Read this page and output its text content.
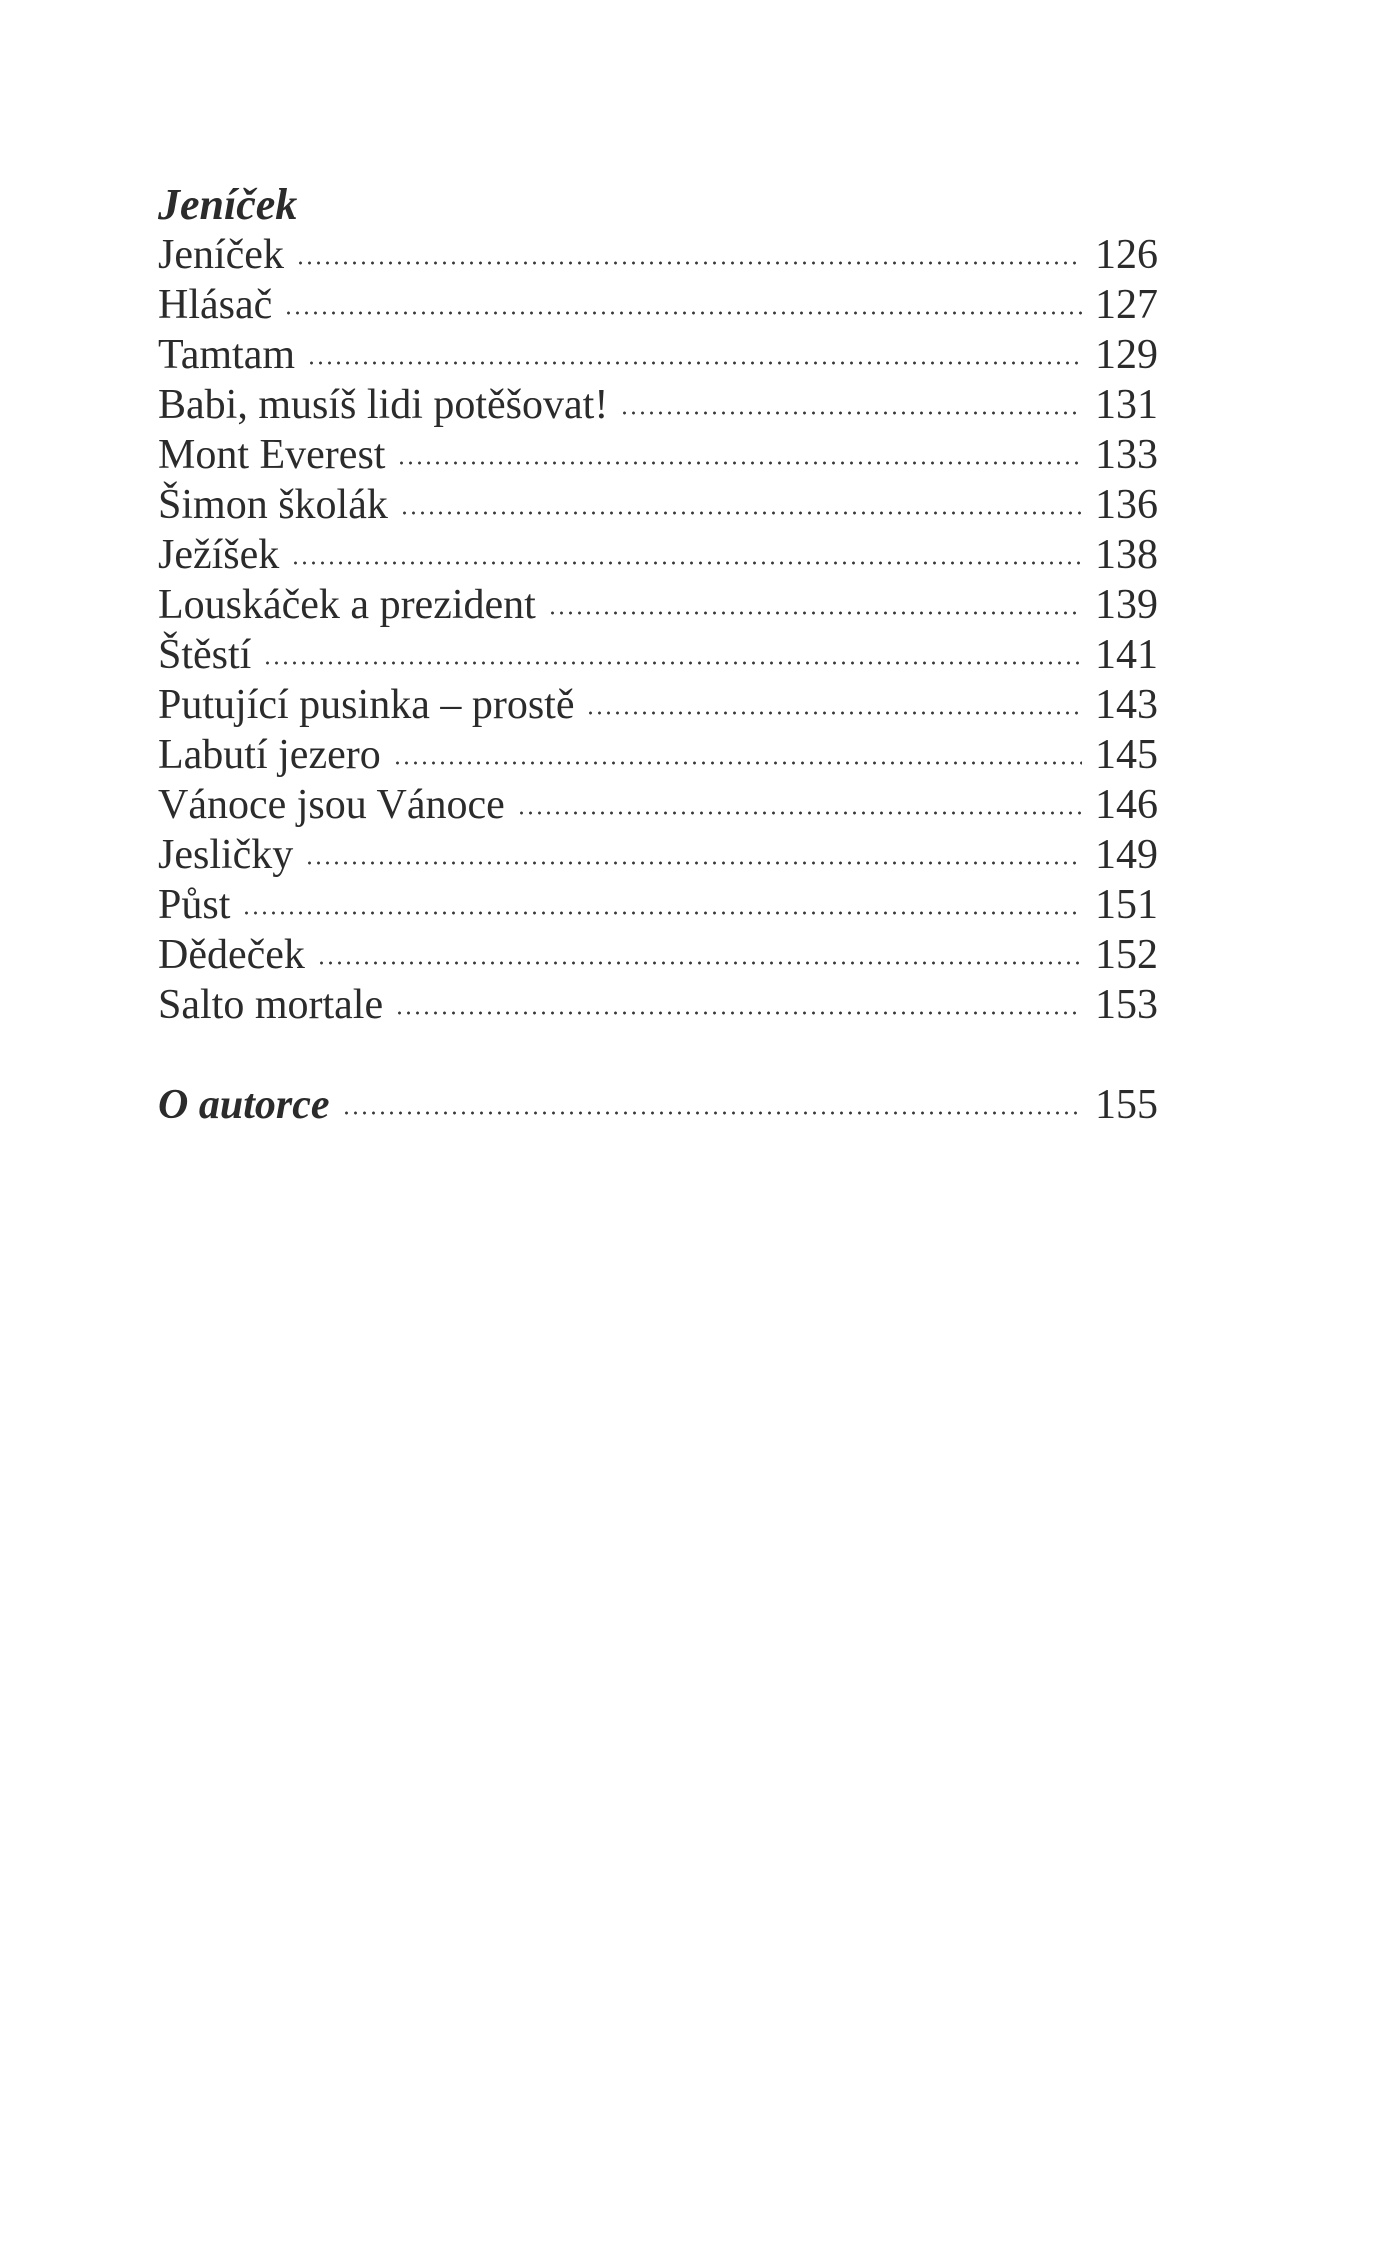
Jeníček
Jeníček	126
Hlásač	127
Tamtam	129
Babi, musíš lidi potěšovat!	131
Mont Everest	133
Šimon školák	136
Ježíšek	138
Louskáček a prezident	139
Štěstí	141
Putující pusinka – prostě	143
Labutí jezero	145
Vánoce jsou Vánoce	146
Jesličky	149
Půst	151
Dědeček	152
Salto mortale	153
O autorce	155
